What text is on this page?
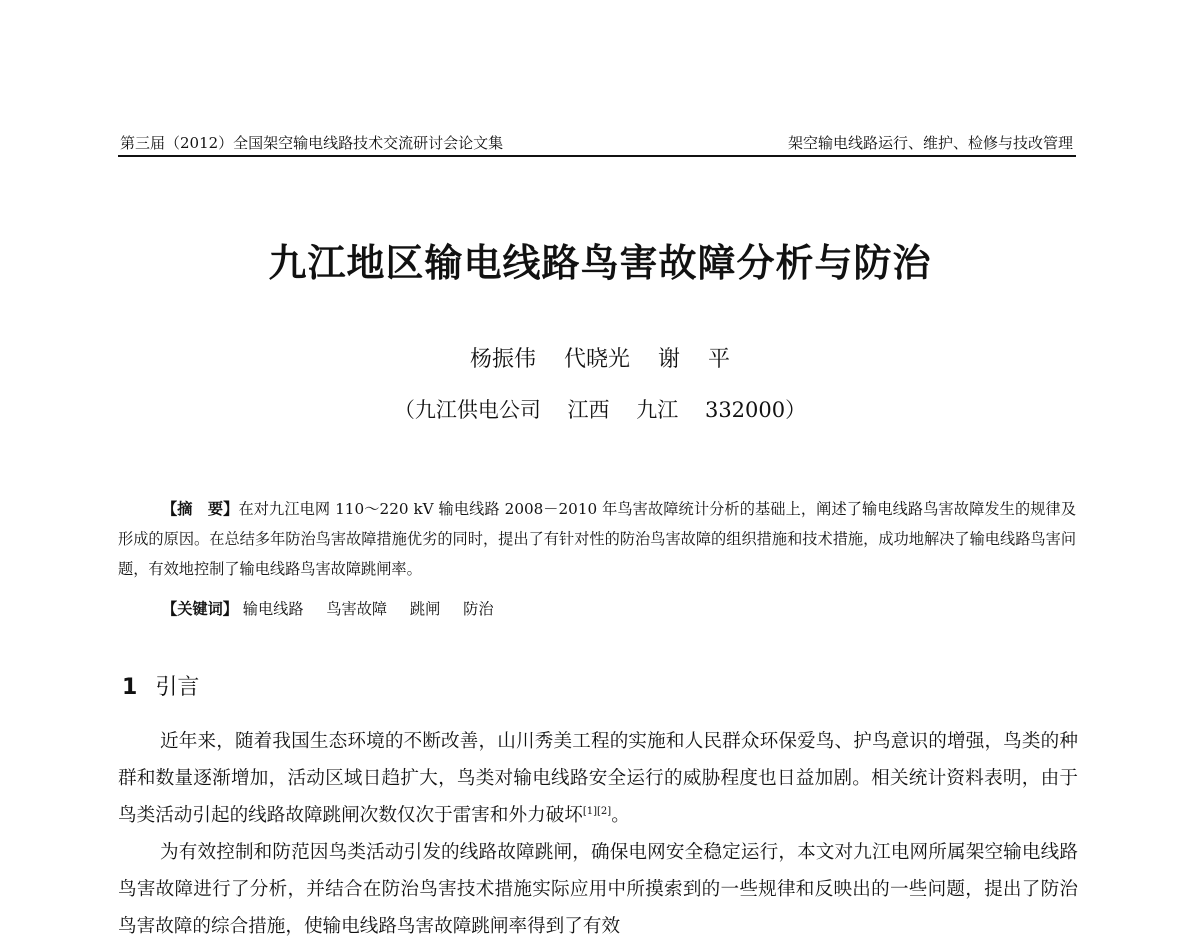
第三届（2012）全国架空输电线路技术交流研讨会论文集	架空输电线路运行、维护、检修与技改管理
九江地区输电线路鸟害故障分析与防治
杨振伟    代晓光    谢    平
（九江供电公司    江西    九江    332000）

【摘　要】在对九江电网 110～220 kV 输电线路 2008－2010 年鸟害故障统计分析的基础上，阐述了输电线路鸟害故障发生的规律及形成的原因。在总结多年防治鸟害故障措施优劣的同时，提出了有针对性的防治鸟害故障的组织措施和技术措施，成功地解决了输电线路鸟害问题，有效地控制了输电线路鸟害故障跳闸率。

【关键词】 输电线路 鸟害故障 跳闸 防治
1 引言

近年来，随着我国生态环境的不断改善，山川秀美工程的实施和人民群众环保爱鸟、护鸟意识的增强，鸟类的种群和数量逐渐增加，活动区域日趋扩大，鸟类对输电线路安全运行的威胁程度也日益加剧。相关统计资料表明，由于鸟类活动引起的线路故障跳闸次数仅次于雷害和外力破坏[1][2]。

为有效控制和防范因鸟类活动引发的线路故障跳闸，确保电网安全稳定运行，本文对九江电网所属架空输电线路鸟害故障进行了分析，并结合在防治鸟害技术措施实际应用中所摸索到的一些规律和反映出的一些问题，提出了防治鸟害故障的综合措施，使输电线路鸟害故障跳闸率得到了有效
